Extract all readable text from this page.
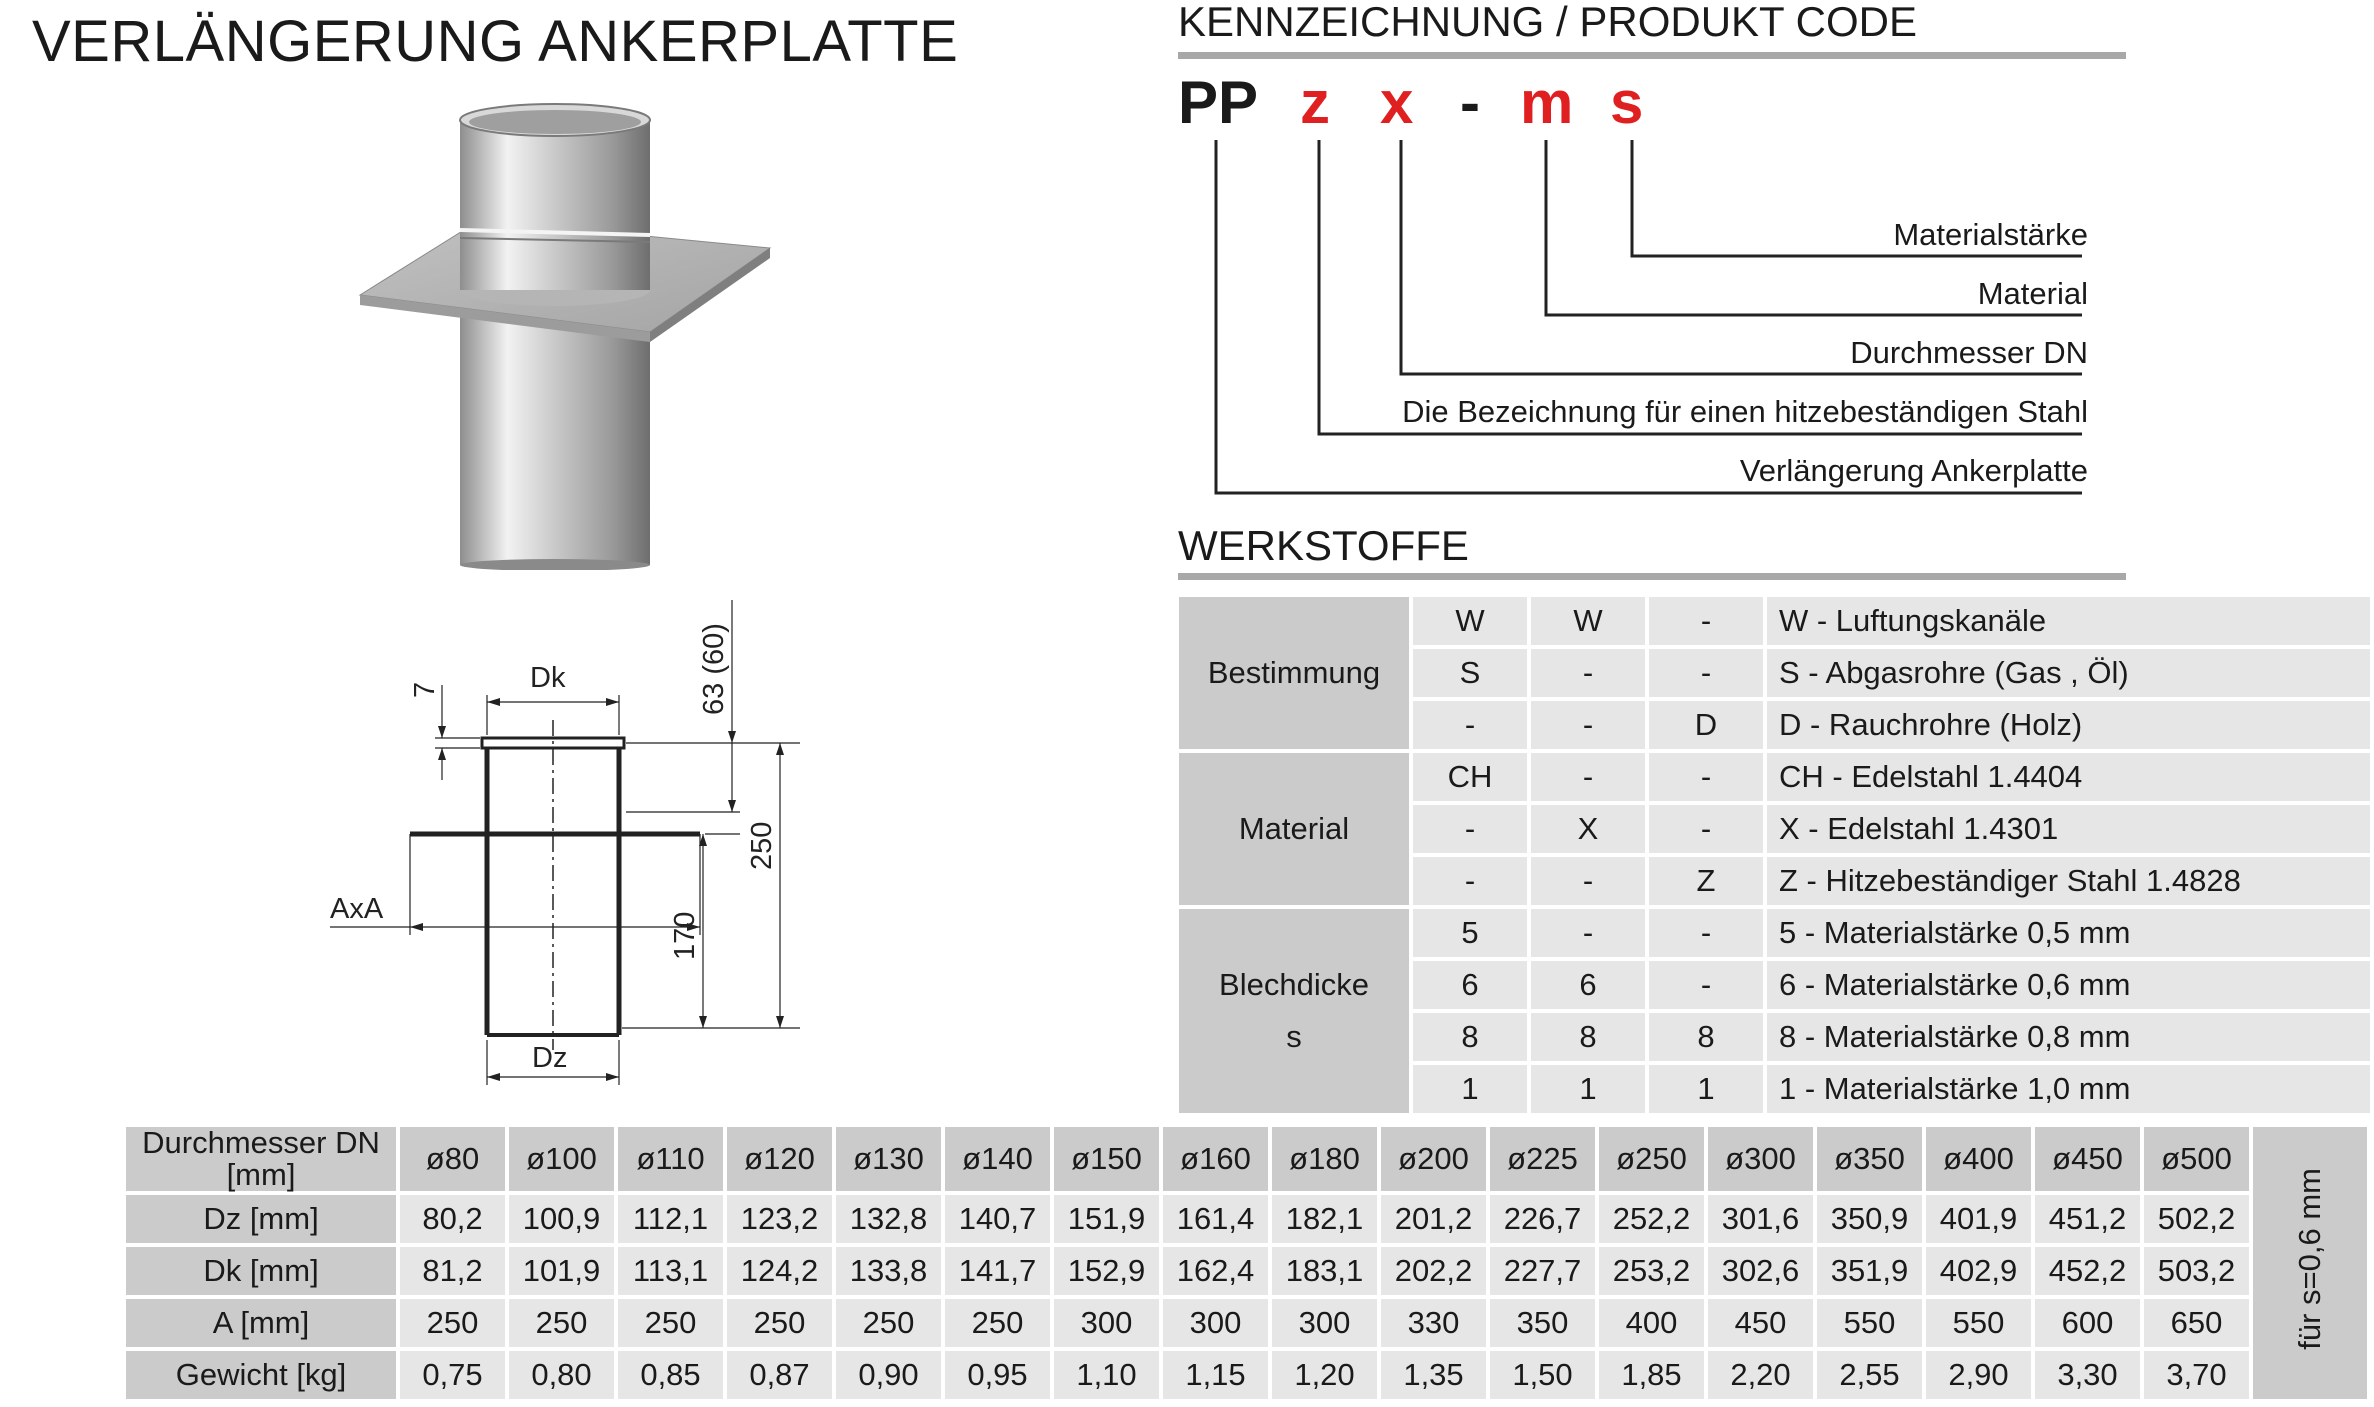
VERLÄNGERUNG ANKERPLATTE
Dk
Dz
AxA
7	63 (60)
250
170
KENNZEICHNUNG / PRODUKT CODE
PP z x - m s
Materialstärke
Material
Durchmesser DN
Die Bezeichnung für einen hitzebeständigen Stahl
Verlängerung Ankerplatte
WERKSTOFFE
Bestimmung	W	W	-	W - Luftungskanäle
	S	-	-	S - Abgasrohre (Gas , Öl)
	-	-	D	D - Rauchrohre (Holz)
Material	CH	-	-	CH - Edelstahl 1.4404
	-	X	-	X - Edelstahl 1.4301
	-	-	Z	Z - Hitzebeständiger Stahl 1.4828

Blechdicke
s	5	-	-	5 - Materialstärke 0,5 mm
	6	6	-	6 - Materialstärke 0,6 mm
	8	8	8	8 - Materialstärke 0,8 mm
	1	1	1	1 - Materialstärke 1,0 mm
Durchmesser DN [mm]	ø80	ø100	ø110	ø120	ø130	ø140	ø150	ø160	ø180	ø200	ø225	ø250	ø300	ø350	ø400	ø450	ø500	für s=0,6 mm
Dz [mm]	80,2	100,9	112,1	123,2	132,8	140,7	151,9	161,4	182,1	201,2	226,7	252,2	301,6	350,9	401,9	451,2	502,2	
Dk [mm]	81,2	101,9	113,1	124,2	133,8	141,7	152,9	162,4	183,1	202,2	227,7	253,2	302,6	351,9	402,9	452,2	503,2	
A [mm]	250	250	250	250	250	250	300	300	300	330	350	400	450	550	550	600	650	
Gewicht [kg]	0,75	0,80	0,85	0,87	0,90	0,95	1,10	1,15	1,20	1,35	1,50	1,85	2,20	2,55	2,90	3,30	3,70	
